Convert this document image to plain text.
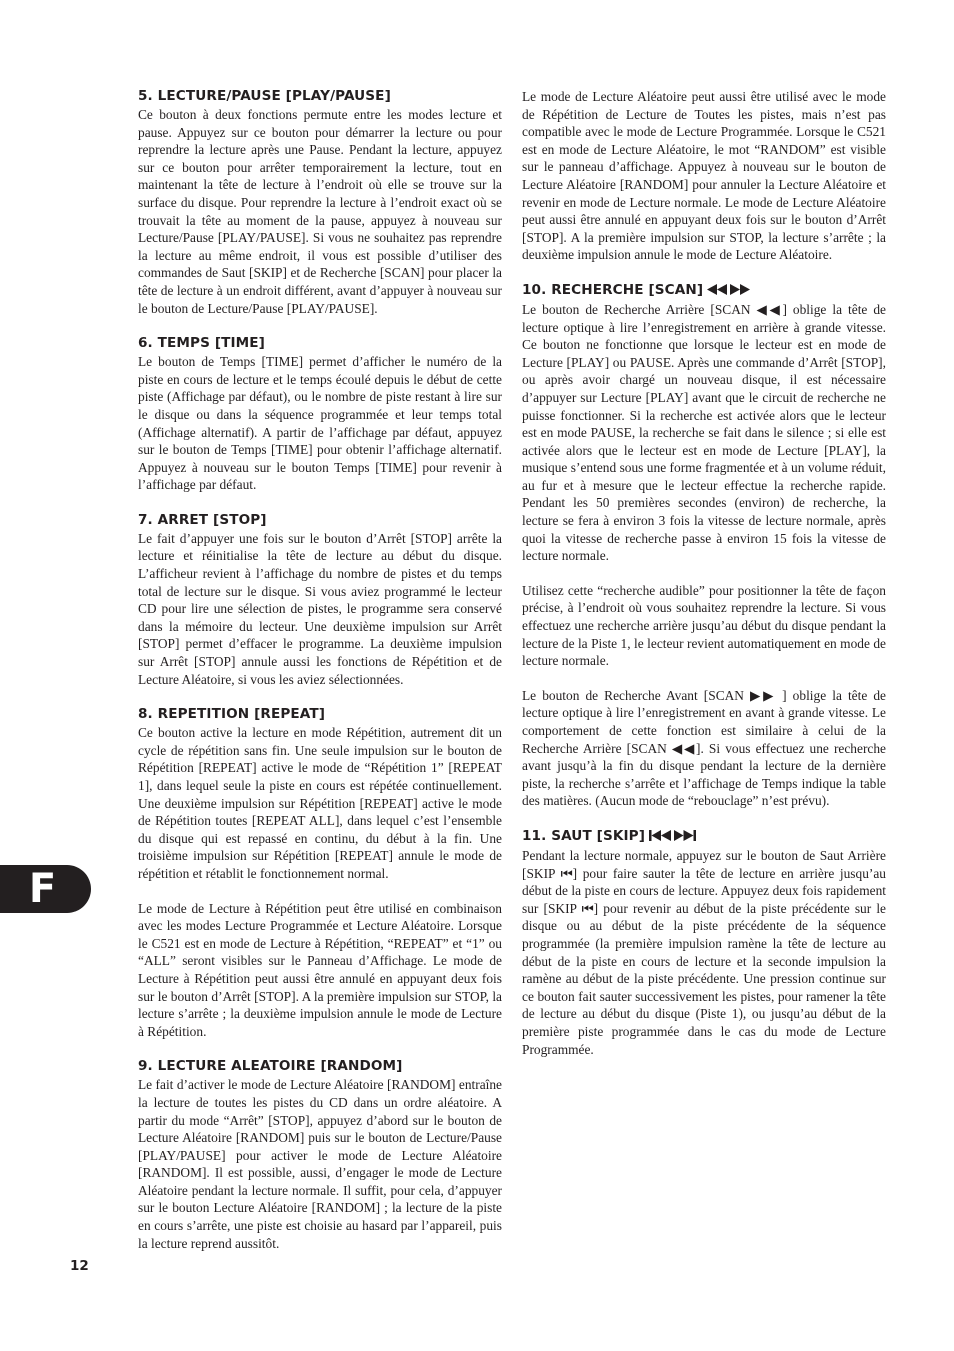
5. LECTURE/PAUSE [PLAY/PAUSE]

Ce bouton à deux fonctions permute entre les modes lecture et pause. Appuyez sur ce bouton pour démarrer la lecture ou pour reprendre la lecture après une Pause. Pendant la lecture, appuyez sur ce bouton pour arrêter temporairement la lecture, tout en maintenant la tête de lecture à l’endroit où elle se trouve sur la surface du disque. Pour reprendre la lecture à l’endroit exact où se trouvait la tête au moment de la pause, appuyez à nouveau sur Lecture/Pause [PLAY/PAUSE]. Si vous ne souhaitez pas reprendre la lecture au même endroit, il vous est possible d’utiliser des commandes de Saut [SKIP] et de Recherche [SCAN] pour placer la tête de lecture à un endroit différent, avant d’appuyer à nouveau sur le bouton de Lecture/Pause [PLAY/PAUSE].

6. TEMPS [TIME]

Le bouton de Temps [TIME] permet d’afficher le numéro de la piste en cours de lecture et le temps écoulé depuis le début de cette piste (Affichage par défaut), ou le nombre de piste restant à lire sur le disque ou dans la séquence programmée et leur temps total (Affichage alternatif). A partir de l’affichage par défaut, appuyez sur le bouton de Temps [TIME] pour obtenir l’affichage alternatif. Appuyez à nouveau sur le bouton Temps [TIME] pour revenir à l’affichage par défaut.

7. ARRET [STOP]

Le fait d’appuyer une fois sur le bouton d’Arrêt [STOP] arrête la lecture et réinitialise la tête de lecture au début du disque. L’afficheur revient à l’affichage du nombre de pistes et du temps total de lecture sur le disque. Si vous aviez programmé le lecteur CD pour lire une sélection de pistes, le programme sera conservé dans la mémoire du lecteur. Une deuxième impulsion sur Arrêt [STOP] permet d’effacer le programme. La deuxième impulsion sur Arrêt [STOP] annule aussi les fonctions de Répétition et de Lecture Aléatoire, si vous les aviez sélectionnées.

8. REPETITION [REPEAT]

Ce bouton active la lecture en mode Répétition, autrement dit un cycle de répétition sans fin. Une seule impulsion sur le bouton de Répétition [REPEAT] active le mode de “Répétition 1” [REPEAT 1], dans lequel seule la piste en cours est répétée continuellement. Une deuxième impulsion sur Répétition [REPEAT] active le mode de Répétition toutes [REPEAT ALL], dans lequel c’est l’ensemble du disque qui est repassé en continu, du début à la fin. Une troisième impulsion sur Répétition [REPEAT] annule le mode de répétition et rétablit le fonctionnement normal.

Le mode de Lecture à Répétition peut être utilisé en combinaison avec les modes Lecture Programmée et Lecture Aléatoire. Lorsque le C521 est en mode de Lecture à Répétition, “REPEAT” et “1” ou “ALL” seront visibles sur le Panneau d’Affichage. Le mode de Lecture à Répétition peut aussi être annulé en appuyant deux fois sur le bouton d’Arrêt [STOP]. A la première impulsion sur STOP, la lecture s’arrête ; la deuxième impulsion annule le mode de Lecture à Répétition.

9. LECTURE ALEATOIRE [RANDOM]

Le fait d’activer le mode de Lecture Aléatoire [RANDOM] entraîne la lecture de toutes les pistes du CD dans un ordre aléatoire. A partir du mode “Arrêt” [STOP], appuyez d’abord sur le bouton de Lecture Aléatoire [RANDOM] puis sur le bouton de Lecture/Pause [PLAY/PAUSE] pour activer le mode de Lecture Aléatoire [RANDOM]. Il est possible, aussi, d’engager le mode de Lecture Aléatoire pendant la lecture normale. Il suffit, pour cela, d’appuyer sur le bouton Lecture Aléatoire [RANDOM] ; la lecture de la piste en cours s’arrête, une piste est choisie au hasard par l’appareil, puis la lecture reprend aussitôt.

Le mode de Lecture Aléatoire peut aussi être utilisé avec le mode de Répétition de Lecture de Toutes les pistes, mais n’est pas compatible avec le mode de Lecture Programmée. Lorsque le C521 est en mode de Lecture Aléatoire, le mot “RANDOM” est visible sur le panneau d’affichage. Appuyez à nouveau sur le bouton de Lecture Aléatoire [RANDOM] pour annuler la Lecture Aléatoire et revenir en mode de Lecture normale. Le mode de Lecture Aléatoire peut aussi être annulé en appuyant deux fois sur le bouton d’Arrêt [STOP]. A la première impulsion sur STOP, la lecture s’arrête ; la deuxième impulsion annule le mode de Lecture Aléatoire.

10. RECHERCHE [SCAN]

Le bouton de Recherche Arrière [SCAN ◀◀] oblige la tête de lecture optique à lire l’enregistrement en arrière à grande vitesse. Ce bouton ne fonctionne que lorsque le lecteur est en mode de Lecture [PLAY] ou PAUSE. Après une commande d’Arrêt [STOP], ou après avoir chargé un nouveau disque, il est nécessaire d’appuyer sur Lecture [PLAY] avant que le circuit de recherche ne puisse fonctionner. Si la recherche est activée alors que le lecteur est en mode PAUSE, la recherche se fait dans le silence ; si elle est activée alors que le lecteur est en mode de Lecture [PLAY], la musique s’entend sous une forme fragmentée et à un volume réduit, au fur et à mesure que le lecteur effectue la recherche rapide. Pendant les 50 premières secondes (environ) de recherche, la lecture se fera à environ 3 fois la vitesse de lecture normale, après quoi la vitesse de recherche passe à environ 15 fois la vitesse de lecture normale.

Utilisez cette “recherche audible” pour positionner la tête de façon précise, à l’endroit où vous souhaitez reprendre la lecture. Si vous effectuez une recherche arrière jusqu’au début du disque pendant la lecture de la Piste 1, le lecteur revient automatiquement en mode de lecture normale.

Le bouton de Recherche Avant [SCAN ▶▶ ] oblige la tête de lecture optique à lire l’enregistrement en avant à grande vitesse. Le comportement de cette fonction est similaire à celui de la Recherche Arrière [SCAN ◀◀]. Si vous effectuez une recherche avant jusqu’à la fin du disque pendant la lecture de la dernière piste, la recherche s’arrête et l’affichage de Temps indique la table des matières. (Aucun mode de “rebouclage” n’est prévu).

11. SAUT [SKIP]

Pendant la lecture normale, appuyez sur le bouton de Saut Arrière [SKIP ⏮] pour faire sauter la tête de lecture en arrière jusqu’au début de la piste en cours de lecture. Appuyez deux fois rapidement sur [SKIP ⏮] pour revenir au début de la piste précédente sur le disque ou au début de la piste précédente de la séquence programmée (la première impulsion ramène la tête de lecture au début de la piste en cours de lecture et la seconde impulsion la ramène au début de la piste précédente. Une pression continue sur ce bouton fait sauter successivement les pistes, pour ramener la tête de lecture au début du disque (Piste 1), ou jusqu’au début de la première piste programmée dans le cas du mode de Lecture Programmée.

F
12
